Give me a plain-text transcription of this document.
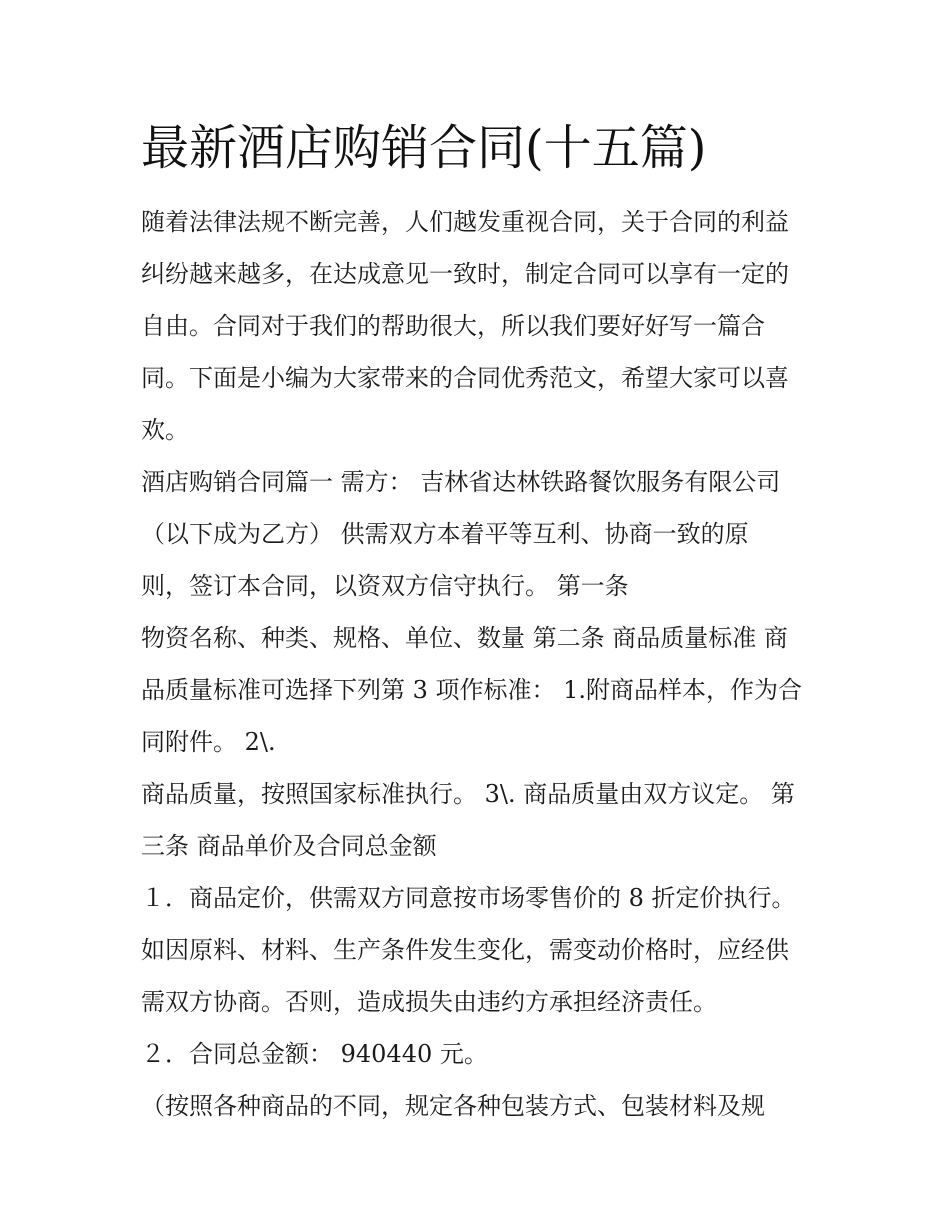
最新酒店购销合同(十五篇)

随着法律法规不断完善，人们越发重视合同，关于合同的利益

纠纷越来越多，在达成意见一致时，制定合同可以享有一定的

自由。合同对于我们的帮助很大，所以我们要好好写一篇合

同。下面是小编为大家带来的合同优秀范文，希望大家可以喜

欢。

酒店购销合同篇一 需方： 吉林省达林铁路餐饮服务有限公司

（以下成为乙方） 供需双方本着平等互利、协商一致的原

则，签订本合同，以资双方信守执行。 第一条

物资名称、种类、规格、单位、数量 第二条 商品质量标准 商

品质量标准可选择下列第 3 项作标准： 1.附商品样本，作为合

同附件。 2\.

商品质量，按照国家标准执行。 3\. 商品质量由双方议定。 第

三条 商品单价及合同总金额

１．商品定价，供需双方同意按市场零售价的 8 折定价执行。

如因原料、材料、生产条件发生变化，需变动价格时，应经供

需双方协商。否则，造成损失由违约方承担经济责任。

２．合同总金额： 940440 元。

（按照各种商品的不同，规定各种包装方式、包装材料及规
